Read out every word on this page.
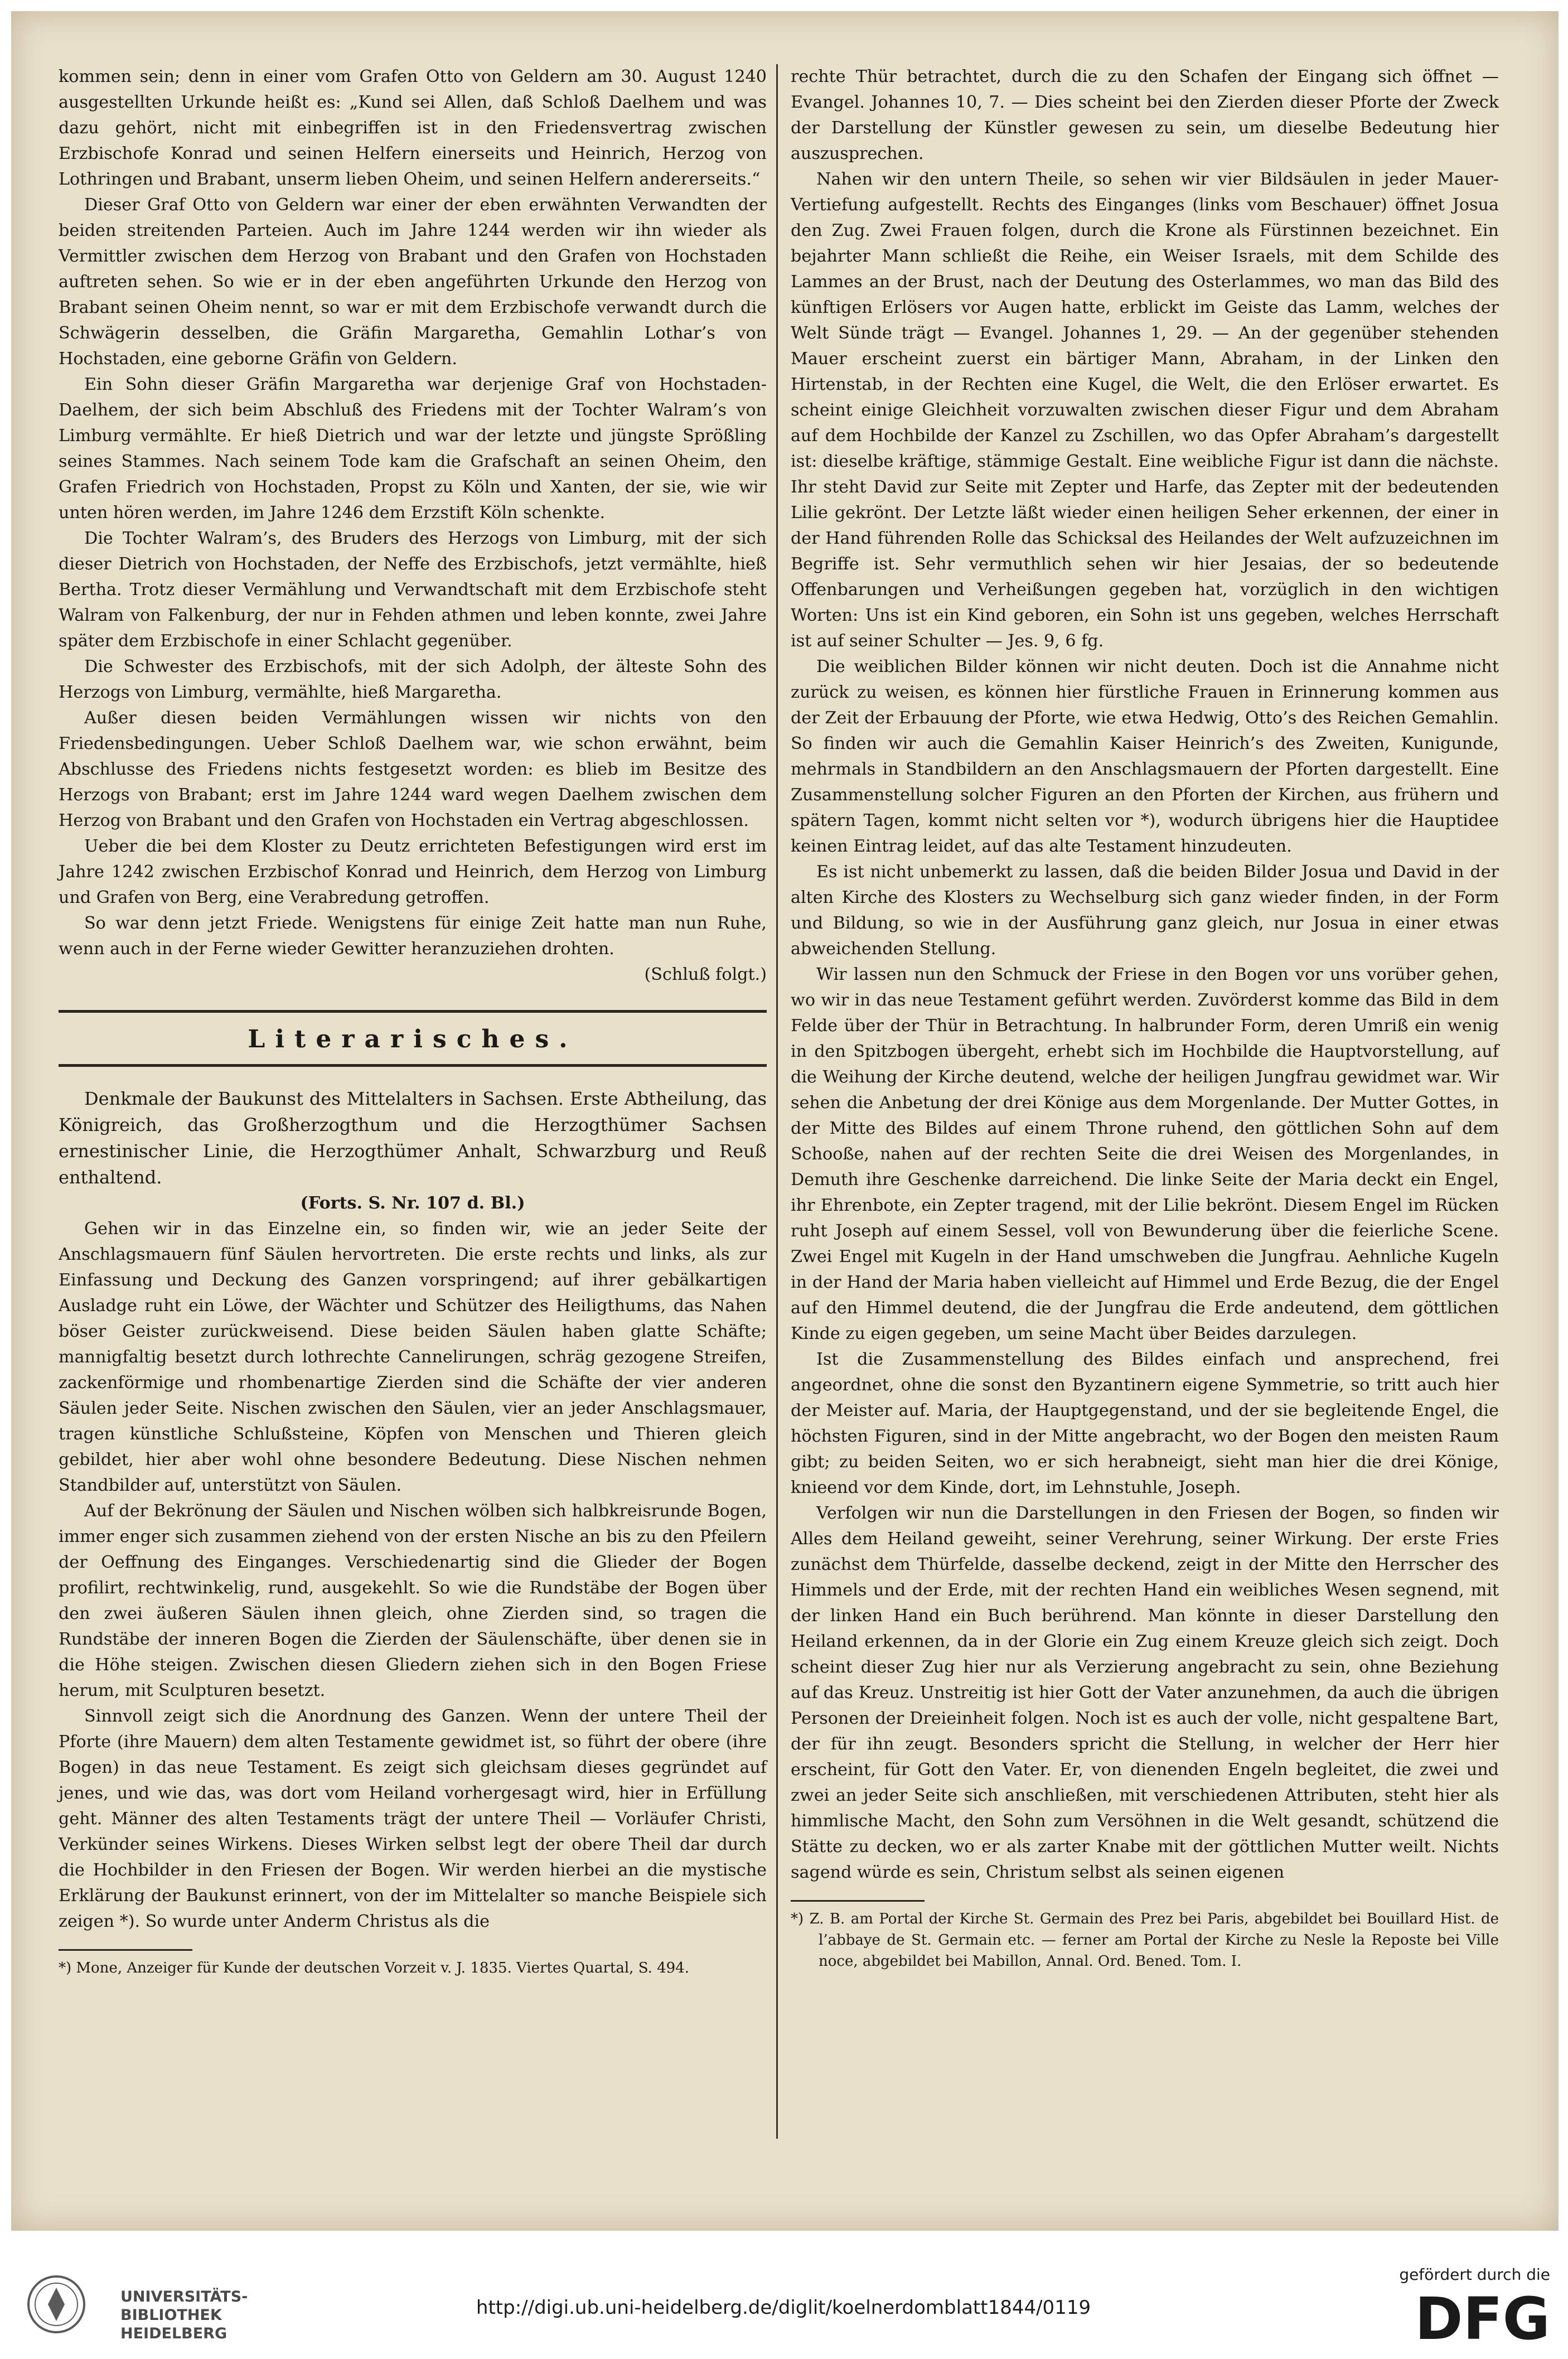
kommen sein; denn in einer vom Grafen Otto von Geldern am 30. August 1240 ausgestellten Urkunde heißt es: „Kund sei Allen, daß Schloß Daelhem und was dazu gehört, nicht mit einbegriffen ist in den Friedensvertrag zwischen Erzbischofe Konrad und seinen Helfern einerseits und Heinrich, Herzog von Lothringen und Brabant, unserm lieben Oheim, und seinen Helfern andererseits.“

Dieser Graf Otto von Geldern war einer der eben erwähnten Verwandten der beiden streitenden Parteien. Auch im Jahre 1244 werden wir ihn wieder als Vermittler zwischen dem Herzog von Brabant und den Grafen von Hochstaden auftreten sehen. So wie er in der eben angeführten Urkunde den Herzog von Brabant seinen Oheim nennt, so war er mit dem Erzbischofe verwandt durch die Schwägerin desselben, die Gräfin Margaretha, Gemahlin Lothar’s von Hochstaden, eine geborne Gräfin von Geldern.

Ein Sohn dieser Gräfin Margaretha war derjenige Graf von Hochstaden-Daelhem, der sich beim Abschluß des Friedens mit der Tochter Walram’s von Limburg vermählte. Er hieß Dietrich und war der letzte und jüngste Sprößling seines Stammes. Nach seinem Tode kam die Grafschaft an seinen Oheim, den Grafen Friedrich von Hochstaden, Propst zu Köln und Xanten, der sie, wie wir unten hören werden, im Jahre 1246 dem Erzstift Köln schenkte.

Die Tochter Walram’s, des Bruders des Herzogs von Limburg, mit der sich dieser Dietrich von Hochstaden, der Neffe des Erzbischofs, jetzt vermählte, hieß Bertha. Trotz dieser Vermählung und Verwandtschaft mit dem Erzbischofe steht Walram von Falkenburg, der nur in Fehden athmen und leben konnte, zwei Jahre später dem Erzbischofe in einer Schlacht gegenüber.

Die Schwester des Erzbischofs, mit der sich Adolph, der älteste Sohn des Herzogs von Limburg, vermählte, hieß Margaretha.

Außer diesen beiden Vermählungen wissen wir nichts von den Friedensbedingungen. Ueber Schloß Daelhem war, wie schon erwähnt, beim Abschlusse des Friedens nichts festgesetzt worden: es blieb im Besitze des Herzogs von Brabant; erst im Jahre 1244 ward wegen Daelhem zwischen dem Herzog von Brabant und den Grafen von Hochstaden ein Vertrag abgeschlossen.

Ueber die bei dem Kloster zu Deutz errichteten Befestigungen wird erst im Jahre 1242 zwischen Erzbischof Konrad und Heinrich, dem Herzog von Limburg und Grafen von Berg, eine Verabredung getroffen.

So war denn jetzt Friede. Wenigstens für einige Zeit hatte man nun Ruhe, wenn auch in der Ferne wieder Gewitter heranzuziehen drohten.

(Schluß folgt.)

Literarisches.

Denkmale der Baukunst des Mittelalters in Sachsen. Erste Abtheilung, das Königreich, das Großherzogthum und die Herzogthümer Sachsen ernestinischer Linie, die Herzogthümer Anhalt, Schwarzburg und Reuß enthaltend.

(Forts. S. Nr. 107 d. Bl.)

Gehen wir in das Einzelne ein, so finden wir, wie an jeder Seite der Anschlagsmauern fünf Säulen hervortreten. Die erste rechts und links, als zur Einfassung und Deckung des Ganzen vorspringend; auf ihrer gebälkartigen Ausladge ruht ein Löwe, der Wächter und Schützer des Heiligthums, das Nahen böser Geister zurückweisend. Diese beiden Säulen haben glatte Schäfte; mannigfaltig besetzt durch lothrechte Cannelirungen, schräg gezogene Streifen, zackenförmige und rhombenartige Zierden sind die Schäfte der vier anderen Säulen jeder Seite. Nischen zwischen den Säulen, vier an jeder Anschlagsmauer, tragen künstliche Schlußsteine, Köpfen von Menschen und Thieren gleich gebildet, hier aber wohl ohne besondere Bedeutung. Diese Nischen nehmen Standbilder auf, unterstützt von Säulen.

Auf der Bekrönung der Säulen und Nischen wölben sich halbkreisrunde Bogen, immer enger sich zusammen ziehend von der ersten Nische an bis zu den Pfeilern der Oeffnung des Einganges. Verschiedenartig sind die Glieder der Bogen profilirt, rechtwinkelig, rund, ausgekehlt. So wie die Rundstäbe der Bogen über den zwei äußeren Säulen ihnen gleich, ohne Zierden sind, so tragen die Rundstäbe der inneren Bogen die Zierden der Säulenschäfte, über denen sie in die Höhe steigen. Zwischen diesen Gliedern ziehen sich in den Bogen Friese herum, mit Sculpturen besetzt.

Sinnvoll zeigt sich die Anordnung des Ganzen. Wenn der untere Theil der Pforte (ihre Mauern) dem alten Testamente gewidmet ist, so führt der obere (ihre Bogen) in das neue Testament. Es zeigt sich gleichsam dieses gegründet auf jenes, und wie das, was dort vom Heiland vorhergesagt wird, hier in Erfüllung geht. Männer des alten Testaments trägt der untere Theil — Vorläufer Christi, Verkünder seines Wirkens. Dieses Wirken selbst legt der obere Theil dar durch die Hochbilder in den Friesen der Bogen. Wir werden hierbei an die mystische Erklärung der Baukunst erinnert, von der im Mittelalter so manche Beispiele sich zeigen *). So wurde unter Anderm Christus als die

*) Mone, Anzeiger für Kunde der deutschen Vorzeit v. J. 1835. Viertes Quartal, S. 494.

rechte Thür betrachtet, durch die zu den Schafen der Eingang sich öffnet — Evangel. Johannes 10, 7. — Dies scheint bei den Zierden dieser Pforte der Zweck der Darstellung der Künstler gewesen zu sein, um dieselbe Bedeutung hier auszusprechen.

Nahen wir den untern Theile, so sehen wir vier Bildsäulen in jeder Mauer-Vertiefung aufgestellt. Rechts des Einganges (links vom Beschauer) öffnet Josua den Zug. Zwei Frauen folgen, durch die Krone als Fürstinnen bezeichnet. Ein bejahrter Mann schließt die Reihe, ein Weiser Israels, mit dem Schilde des Lammes an der Brust, nach der Deutung des Osterlammes, wo man das Bild des künftigen Erlösers vor Augen hatte, erblickt im Geiste das Lamm, welches der Welt Sünde trägt — Evangel. Johannes 1, 29. — An der gegenüber stehenden Mauer erscheint zuerst ein bärtiger Mann, Abraham, in der Linken den Hirtenstab, in der Rechten eine Kugel, die Welt, die den Erlöser erwartet. Es scheint einige Gleichheit vorzuwalten zwischen dieser Figur und dem Abraham auf dem Hochbilde der Kanzel zu Zschillen, wo das Opfer Abraham’s dargestellt ist: dieselbe kräftige, stämmige Gestalt. Eine weibliche Figur ist dann die nächste. Ihr steht David zur Seite mit Zepter und Harfe, das Zepter mit der bedeutenden Lilie gekrönt. Der Letzte läßt wieder einen heiligen Seher erkennen, der einer in der Hand führenden Rolle das Schicksal des Heilandes der Welt aufzuzeichnen im Begriffe ist. Sehr vermuthlich sehen wir hier Jesaias, der so bedeutende Offenbarungen und Verheißungen gegeben hat, vorzüglich in den wichtigen Worten: Uns ist ein Kind geboren, ein Sohn ist uns gegeben, welches Herrschaft ist auf seiner Schulter — Jes. 9, 6 fg.

Die weiblichen Bilder können wir nicht deuten. Doch ist die Annahme nicht zurück zu weisen, es können hier fürstliche Frauen in Erinnerung kommen aus der Zeit der Erbauung der Pforte, wie etwa Hedwig, Otto’s des Reichen Gemahlin. So finden wir auch die Gemahlin Kaiser Heinrich’s des Zweiten, Kunigunde, mehrmals in Standbildern an den Anschlagsmauern der Pforten dargestellt. Eine Zusammenstellung solcher Figuren an den Pforten der Kirchen, aus frühern und spätern Tagen, kommt nicht selten vor *), wodurch übrigens hier die Hauptidee keinen Eintrag leidet, auf das alte Testament hinzudeuten.

Es ist nicht unbemerkt zu lassen, daß die beiden Bilder Josua und David in der alten Kirche des Klosters zu Wechselburg sich ganz wieder finden, in der Form und Bildung, so wie in der Ausführung ganz gleich, nur Josua in einer etwas abweichenden Stellung.

Wir lassen nun den Schmuck der Friese in den Bogen vor uns vorüber gehen, wo wir in das neue Testament geführt werden. Zuvörderst komme das Bild in dem Felde über der Thür in Betrachtung. In halbrunder Form, deren Umriß ein wenig in den Spitzbogen übergeht, erhebt sich im Hochbilde die Hauptvorstellung, auf die Weihung der Kirche deutend, welche der heiligen Jungfrau gewidmet war. Wir sehen die Anbetung der drei Könige aus dem Morgenlande. Der Mutter Gottes, in der Mitte des Bildes auf einem Throne ruhend, den göttlichen Sohn auf dem Schooße, nahen auf der rechten Seite die drei Weisen des Morgenlandes, in Demuth ihre Geschenke darreichend. Die linke Seite der Maria deckt ein Engel, ihr Ehrenbote, ein Zepter tragend, mit der Lilie bekrönt. Diesem Engel im Rücken ruht Joseph auf einem Sessel, voll von Bewunderung über die feierliche Scene. Zwei Engel mit Kugeln in der Hand umschweben die Jungfrau. Aehnliche Kugeln in der Hand der Maria haben vielleicht auf Himmel und Erde Bezug, die der Engel auf den Himmel deutend, die der Jungfrau die Erde andeutend, dem göttlichen Kinde zu eigen gegeben, um seine Macht über Beides darzulegen.

Ist die Zusammenstellung des Bildes einfach und ansprechend, frei angeordnet, ohne die sonst den Byzantinern eigene Symmetrie, so tritt auch hier der Meister auf. Maria, der Hauptgegenstand, und der sie begleitende Engel, die höchsten Figuren, sind in der Mitte angebracht, wo der Bogen den meisten Raum gibt; zu beiden Seiten, wo er sich herabneigt, sieht man hier die drei Könige, knieend vor dem Kinde, dort, im Lehnstuhle, Joseph.

Verfolgen wir nun die Darstellungen in den Friesen der Bogen, so finden wir Alles dem Heiland geweiht, seiner Verehrung, seiner Wirkung. Der erste Fries zunächst dem Thürfelde, dasselbe deckend, zeigt in der Mitte den Herrscher des Himmels und der Erde, mit der rechten Hand ein weibliches Wesen segnend, mit der linken Hand ein Buch berührend. Man könnte in dieser Darstellung den Heiland erkennen, da in der Glorie ein Zug einem Kreuze gleich sich zeigt. Doch scheint dieser Zug hier nur als Verzierung angebracht zu sein, ohne Beziehung auf das Kreuz. Unstreitig ist hier Gott der Vater anzunehmen, da auch die übrigen Personen der Dreieinheit folgen. Noch ist es auch der volle, nicht gespaltene Bart, der für ihn zeugt. Besonders spricht die Stellung, in welcher der Herr hier erscheint, für Gott den Vater. Er, von dienenden Engeln begleitet, die zwei und zwei an jeder Seite sich anschließen, mit verschiedenen Attributen, steht hier als himmlische Macht, den Sohn zum Versöhnen in die Welt gesandt, schützend die Stätte zu decken, wo er als zarter Knabe mit der göttlichen Mutter weilt. Nichts sagend würde es sein, Christum selbst als seinen eigenen

*) Z. B. am Portal der Kirche St. Germain des Prez bei Paris, abgebildet bei Bouillard Hist. de l’abbaye de St. Germain etc. — ferner am Portal der Kirche zu Nesle la Reposte bei Ville noce, abgebildet bei Mabillon, Annal. Ord. Bened. Tom. I.

UNIVERSITÄTS-
BIBLIOTHEK
HEIDELBERG
http://digi.ub.uni-heidelberg.de/diglit/koelnerdomblatt1844/0119
gefördert durch die
DFG
